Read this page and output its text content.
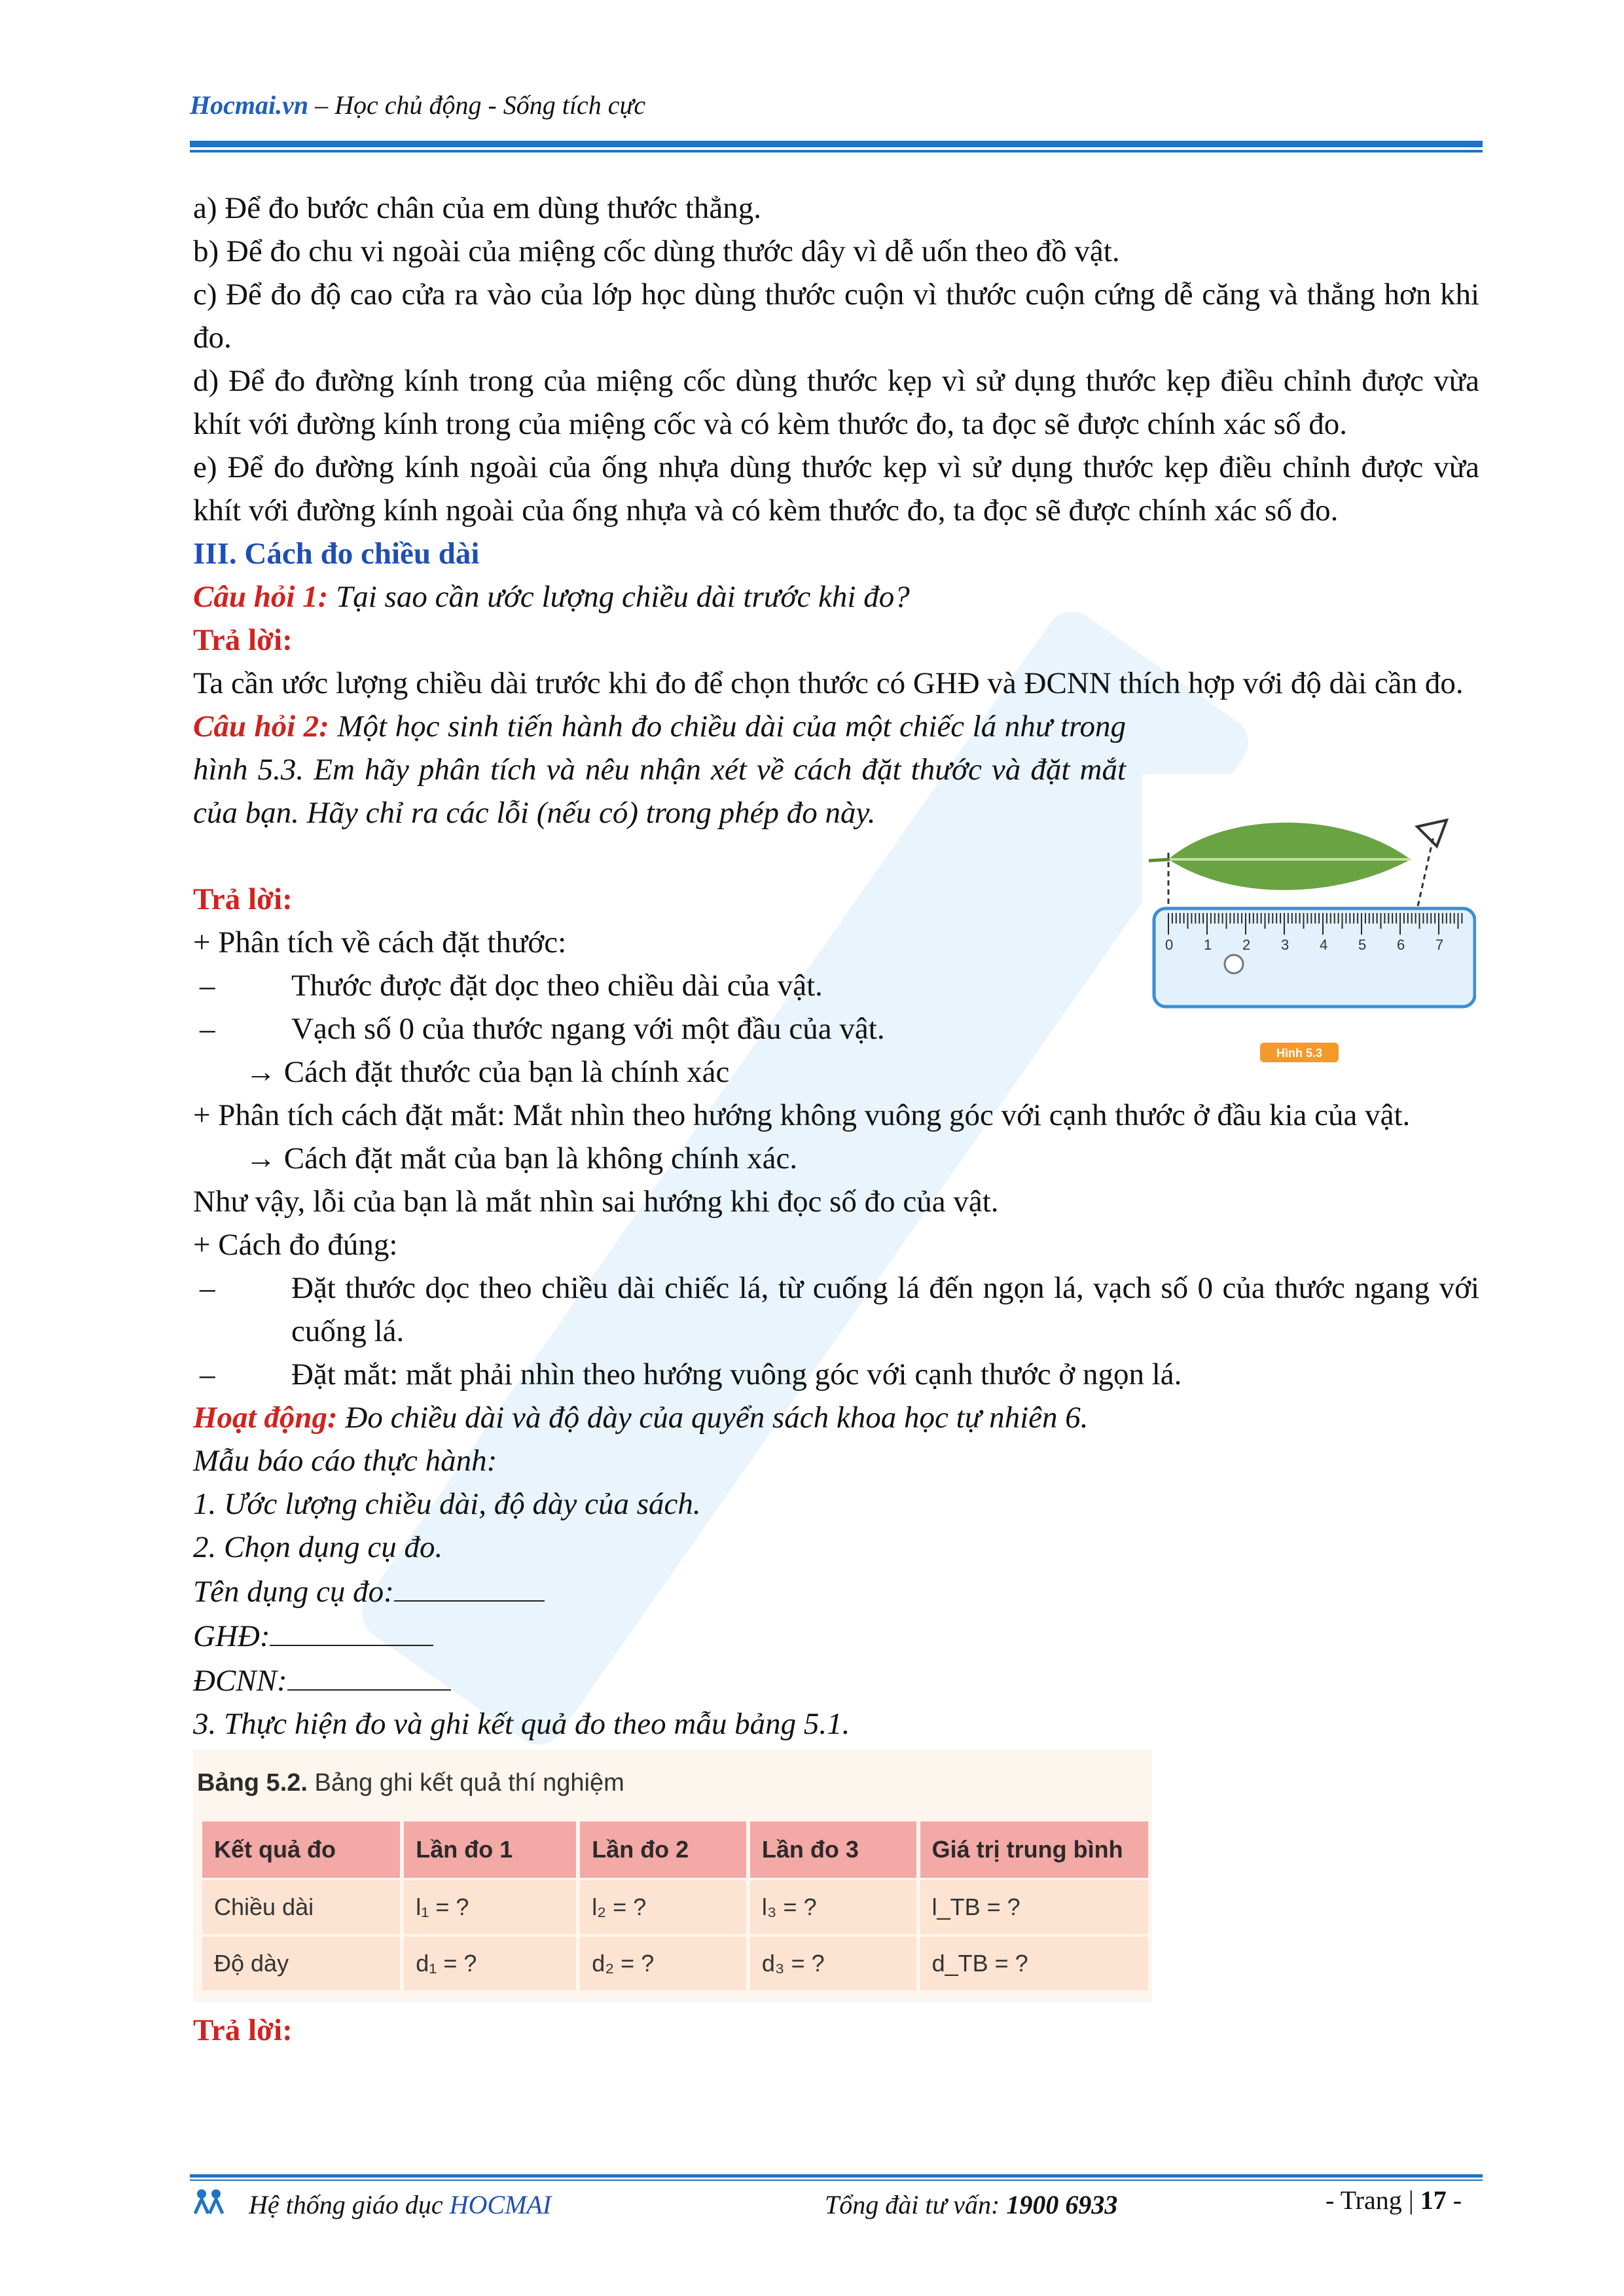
Hocmai.vn – Học chủ động - Sống tích cực
0 1 2 3 4 5 6 7
Hình 5.3

a) Để đo bước chân của em dùng thước thẳng.

b) Để đo chu vi ngoài của miệng cốc dùng thước dây vì dễ uốn theo đồ vật.

c) Để đo độ cao cửa ra vào của lớp học dùng thước cuộn vì thước cuộn cứng dễ căng và thẳng hơn khi đo.

d) Để đo đường kính trong của miệng cốc dùng thước kẹp vì sử dụng thước kẹp điều chỉnh được vừa khít với đường kính trong của miệng cốc và có kèm thước đo, ta đọc sẽ được chính xác số đo.

e) Để đo đường kính ngoài của ống nhựa dùng thước kẹp vì sử dụng thước kẹp điều chỉnh được vừa khít với đường kính ngoài của ống nhựa và có kèm thước đo, ta đọc sẽ được chính xác số đo.

III. Cách đo chiều dài

Câu hỏi 1: Tại sao cần ước lượng chiều dài trước khi đo?

Trả lời:

Ta cần ước lượng chiều dài trước khi đo để chọn thước có GHĐ và ĐCNN thích hợp với độ dài cần đo.

Câu hỏi 2: Một học sinh tiến hành đo chiều dài của một chiếc lá như trong hình 5.3. Em hãy phân tích và nêu nhận xét về cách đặt thước và đặt mắt của bạn. Hãy chỉ ra các lỗi (nếu có) trong phép đo này.

Trả lời:

+ Phân tích về cách đặt thước:

– Thước được đặt dọc theo chiều dài của vật.

– Vạch số 0 của thước ngang với một đầu của vật.

→ Cách đặt thước của bạn là chính xác

+ Phân tích cách đặt mắt: Mắt nhìn theo hướng không vuông góc với cạnh thước ở đầu kia của vật.

→ Cách đặt mắt của bạn là không chính xác.

Như vậy, lỗi của bạn là mắt nhìn sai hướng khi đọc số đo của vật.

+ Cách đo đúng:

– Đặt thước dọc theo chiều dài chiếc lá, từ cuống lá đến ngọn lá, vạch số 0 của thước ngang với cuống lá.

– Đặt mắt: mắt phải nhìn theo hướng vuông góc với cạnh thước ở ngọn lá.

Hoạt động: Đo chiều dài và độ dày của quyển sách khoa học tự nhiên 6.

Mẫu báo cáo thực hành:

1. Ước lượng chiều dài, độ dày của sách.

2. Chọn dụng cụ đo.

Tên dụng cụ đo:

GHĐ:

ĐCNN:

3. Thực hiện đo và ghi kết quả đo theo mẫu bảng 5.1.

Bảng 5.2. Bảng ghi kết quả thí nghiệm
Kết quả đo	Lần đo 1	Lần đo 2	Lần đo 3	Giá trị trung bình
Chiều dài	l₁ = ?	l₂ = ?	l₃ = ?	l_TB = ?
Độ dày	d₁ = ?	d₂ = ?	d₃ = ?	d_TB = ?

Trả lời:

Hệ thống giáo dục HOCMAI	Tổng đài tư vấn: 1900 6933	- Trang | 17 -
